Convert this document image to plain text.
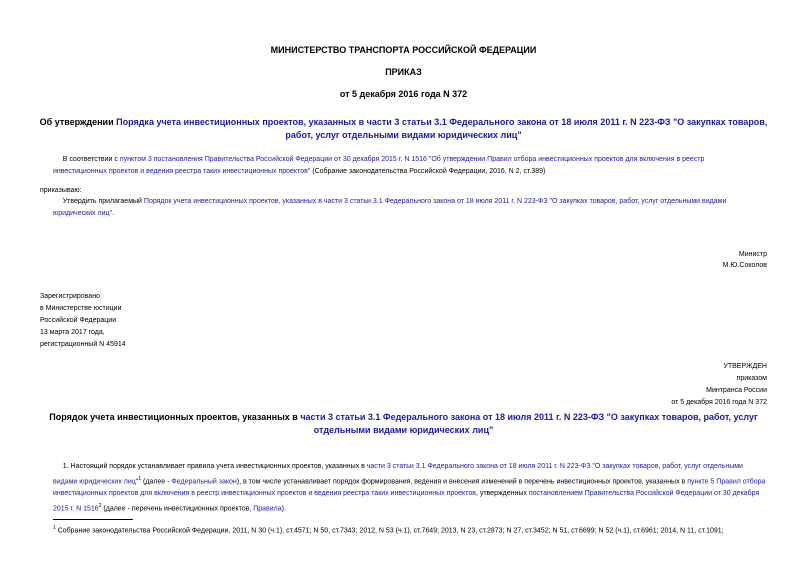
МИНИСТЕРСТВО ТРАНСПОРТА РОССИЙСКОЙ ФЕДЕРАЦИИ
ПРИКАЗ
от 5 декабря 2016 года N 372
Об утверждении Порядка учета инвестиционных проектов, указанных в части 3 статьи 3.1 Федерального закона от 18 июля 2011 г. N 223-ФЗ "О закупках товаров,
работ, услуг отдельными видами юридических лиц"
В соответствии с пунктом 3 постановления Правительства Российской Федерации от 30 декабря 2015 г. N 1516 "Об утверждении Правил отбора инвестиционных проектов для включения в реестр
инвестиционных проектов и ведения реестра таких инвестиционных проектов" (Собрание законодательства Российской Федерации, 2016, N 2, ст.389)
приказываю:
Утвердить прилагаемый Порядок учета инвестиционных проектов, указанных в части 3 статьи 3.1 Федерального закона от 18 июля 2011 г. N 223-ФЗ "О закупках товаров, работ, услуг отдельными видами
юридических лиц".
Министр
М.Ю.Соколов
Зарегистрировано
в Министерстве юстиции
Российской Федерации
13 марта 2017 года,
регистрационный N 45914
УТВЕРЖДЕН
приказом
Минтранса России
от 5 декабря 2016 года N 372
Порядок учета инвестиционных проектов, указанных в части 3 статьи 3.1 Федерального закона от 18 июля 2011 г. N 223-ФЗ "О закупках товаров, работ, услуг
отдельными видами юридических лиц"
1. Настоящий порядок устанавливает правила учета инвестиционных проектов, указанных в части 3 статьи 3.1 Федерального закона от 18 июля 2011 г. N 223-ФЗ "О закупках товаров, работ, услуг отдельными
видами юридических лиц"$^1$ (далее - Федеральный закон), в том числе устанавливает порядок формирования, ведения и внесения изменений в перечень инвестиционных проектов, указанных в пункте 5 Правил отбора
инвестиционных проектов для включения в реестр инвестиционных проектов и ведения реестра таких инвестиционных проектов, утвержденных постановлением Правительства Российской Федерации от 30 декабря
2015 г. N 1516$^2$ (далее - перечень инвестиционных проектов, Правила).
$^1$ Собрание законодательства Российской Федерации, 2011, N 30 (ч.1), ст.4571; N 50, ст.7343; 2012, N 53 (ч.1), ст.7649; 2013, N 23, ст.2873; N 27, ст.3452; N 51, ст.6699; N 52 (ч.1), ст.6961; 2014, N 11, ст.1091;
